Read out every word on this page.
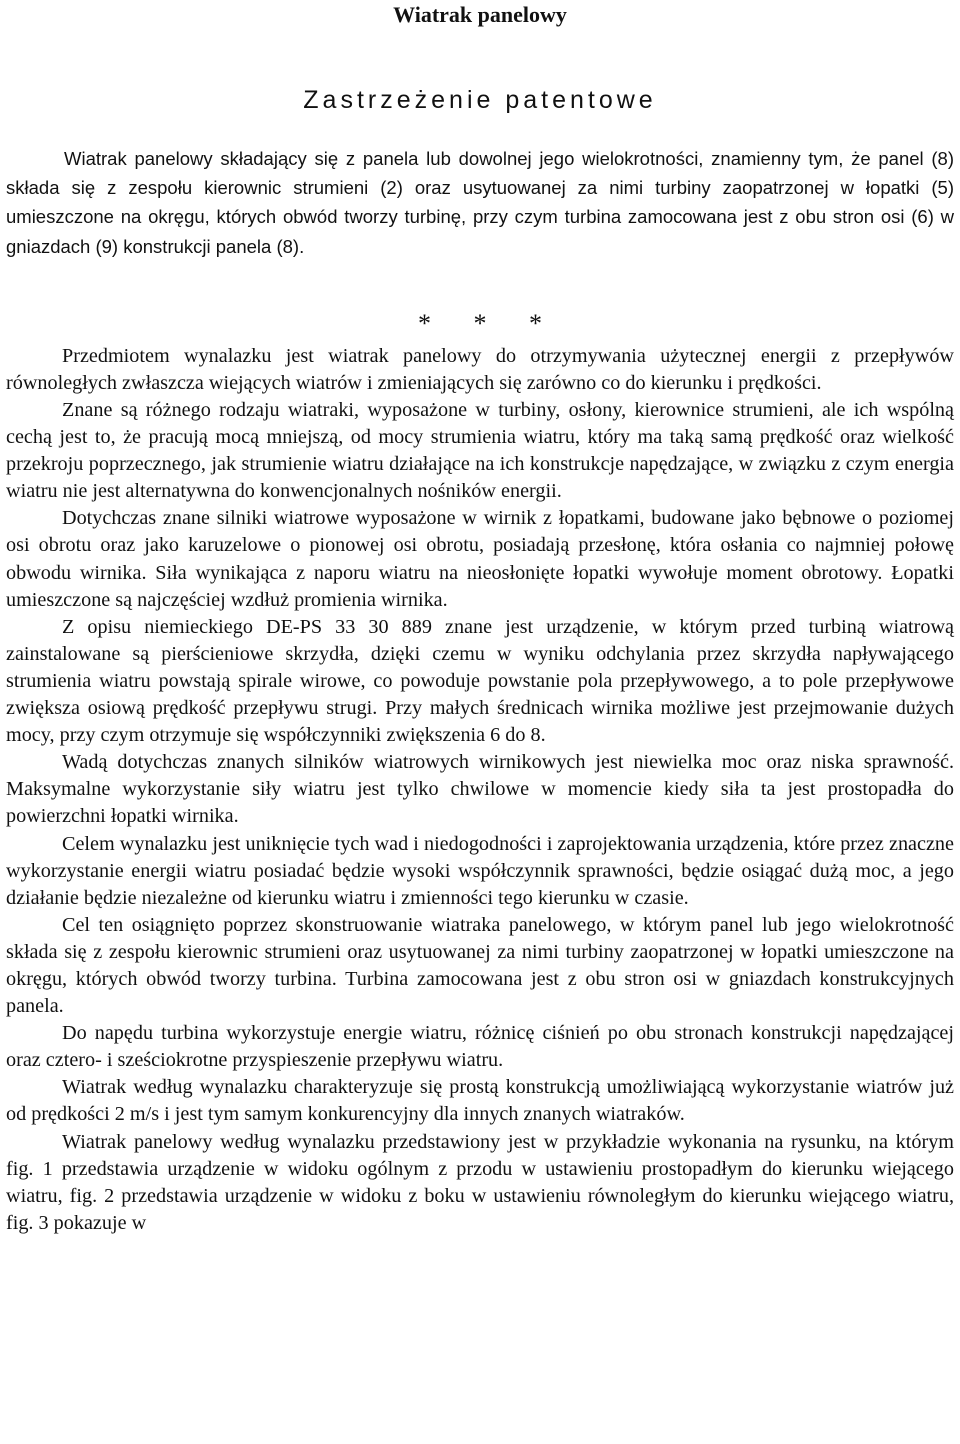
Wiatrak panelowy
Zastrzeżenie patentowe

Wiatrak panelowy składający się z panela lub dowolnej jego wielokrotności, znamienny tym, że panel (8) składa się z zespołu kierownic strumieni (2) oraz usytuowanej za nimi turbiny zaopatrzonej w łopatki (5) umieszczone na okręgu, których obwód tworzy turbinę, przy czym turbina zamocowana jest z obu stron osi (6) w gniazdach (9) konstrukcji panela (8).

* * *

Przedmiotem wynalazku jest wiatrak panelowy do otrzymywania użytecznej energii z przepływów równoległych zwłaszcza wiejących wiatrów i zmieniających się zarówno co do kierunku i prędkości.

Znane są różnego rodzaju wiatraki, wyposażone w turbiny, osłony, kierownice strumieni, ale ich wspólną cechą jest to, że pracują mocą mniejszą, od mocy strumienia wiatru, który ma taką samą prędkość oraz wielkość przekroju poprzecznego, jak strumienie wiatru działające na ich konstrukcje napędzające, w związku z czym energia wiatru nie jest alternatywna do konwencjonalnych nośników energii.

Dotychczas znane silniki wiatrowe wyposażone w wirnik z łopatkami, budowane jako bębnowe o poziomej osi obrotu oraz jako karuzelowe o pionowej osi obrotu, posiadają przesłonę, która osłania co najmniej połowę obwodu wirnika. Siła wynikająca z naporu wiatru na nieosłonięte łopatki wywołuje moment obrotowy. Łopatki umieszczone są najczęściej wzdłuż promienia wirnika.

Z opisu niemieckiego DE-PS 33 30 889 znane jest urządzenie, w którym przed turbiną wiatrową zainstalowane są pierścieniowe skrzydła, dzięki czemu w wyniku odchylania przez skrzydła napływającego strumienia wiatru powstają spirale wirowe, co powoduje powstanie pola przepływowego, a to pole przepływowe zwiększa osiową prędkość przepływu strugi. Przy małych średnicach wirnika możliwe jest przejmowanie dużych mocy, przy czym otrzymuje się współczynniki zwiększenia 6 do 8.

Wadą dotychczas znanych silników wiatrowych wirnikowych jest niewielka moc oraz niska sprawność. Maksymalne wykorzystanie siły wiatru jest tylko chwilowe w momencie kiedy siła ta jest prostopadła do powierzchni łopatki wirnika.

Celem wynalazku jest uniknięcie tych wad i niedogodności i zaprojektowania urządzenia, które przez znaczne wykorzystanie energii wiatru posiadać będzie wysoki współczynnik sprawności, będzie osiągać dużą moc, a jego działanie będzie niezależne od kierunku wiatru i zmienności tego kierunku w czasie.

Cel ten osiągnięto poprzez skonstruowanie wiatraka panelowego, w którym panel lub jego wielokrotność składa się z zespołu kierownic strumieni oraz usytuowanej za nimi turbiny zaopatrzonej w łopatki umieszczone na okręgu, których obwód tworzy turbina. Turbina zamocowana jest z obu stron osi w gniazdach konstrukcyjnych panela.

Do napędu turbina wykorzystuje energie wiatru, różnicę ciśnień po obu stronach konstrukcji napędzającej oraz cztero- i sześciokrotne przyspieszenie przepływu wiatru.

Wiatrak według wynalazku charakteryzuje się prostą konstrukcją umożliwiającą wykorzystanie wiatrów już od prędkości 2 m/s i jest tym samym konkurencyjny dla innych znanych wiatraków.

Wiatrak panelowy według wynalazku przedstawiony jest w przykładzie wykonania na rysunku, na którym fig. 1 przedstawia urządzenie w widoku ogólnym z przodu w ustawieniu prostopadłym do kierunku wiejącego wiatru, fig. 2 przedstawia urządzenie w widoku z boku w ustawieniu równoległym do kierunku wiejącego wiatru, fig. 3 pokazuje w
